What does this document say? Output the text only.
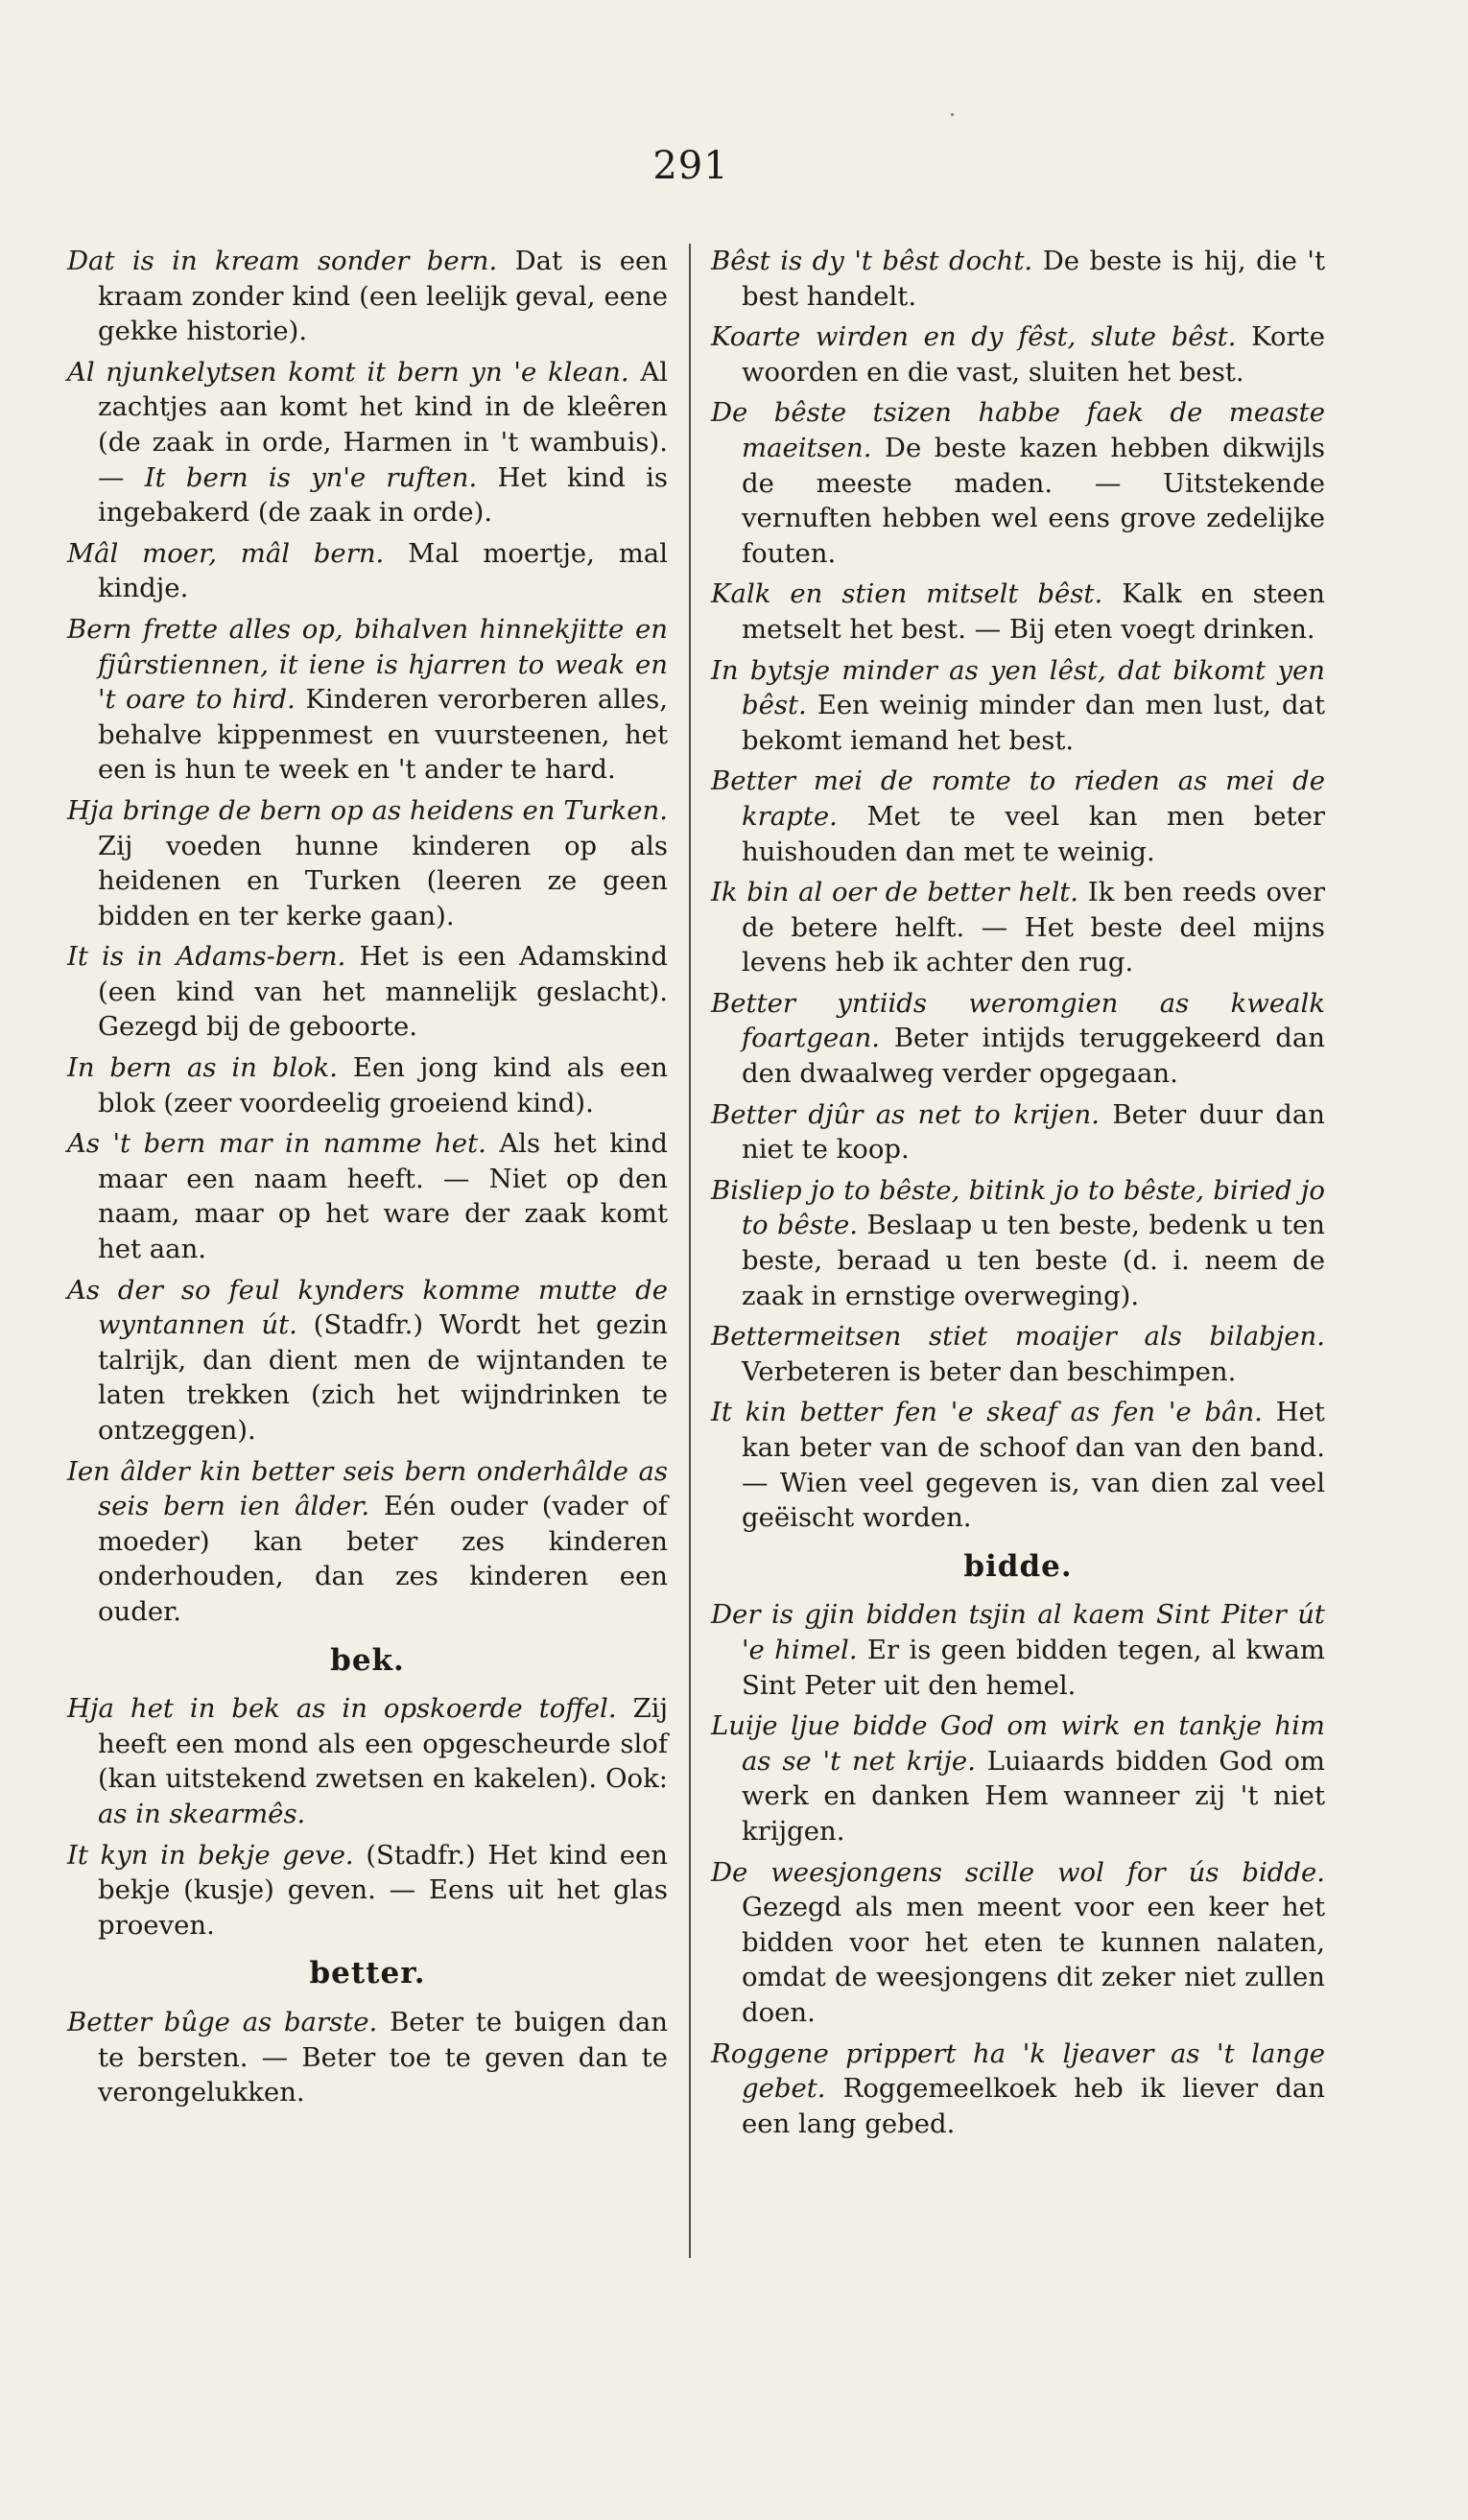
291

Dat is in kream sonder bern. Dat is een kraam zonder kind (een leelijk geval, eene gekke historie).

Al njunkelytsen komt it bern yn 'e klean. Al zachtjes aan komt het kind in de kleêren (de zaak in orde, Harmen in 't wambuis). — It bern is yn'e ruften. Het kind is ingebakerd (de zaak in orde).

Mâl moer, mâl bern. Mal moertje, mal kindje.

Bern frette alles op, bihalven hinnekjitte en fjûrstiennen, it iene is hjarren to weak en 't oare to hird. Kinderen verorberen alles, behalve kippenmest en vuursteenen, het een is hun te week en 't ander te hard.

Hja bringe de bern op as heidens en Turken. Zij voeden hunne kinderen op als heidenen en Turken (leeren ze geen bidden en ter kerke gaan).

It is in Adams-bern. Het is een Adamskind (een kind van het mannelijk geslacht). Gezegd bij de geboorte.

In bern as in blok. Een jong kind als een blok (zeer voordeelig groeiend kind).

As 't bern mar in namme het. Als het kind maar een naam heeft. — Niet op den naam, maar op het ware der zaak komt het aan.

As der so feul kynders komme mutte de wyntannen út. (Stadfr.) Wordt het gezin talrijk, dan dient men de wijntanden te laten trekken (zich het wijndrinken te ontzeggen).

Ien âlder kin better seis bern onderhâlde as seis bern ien âlder. Eén ouder (vader of moeder) kan beter zes kinderen onderhouden, dan zes kinderen een ouder.

bek.

Hja het in bek as in opskoerde toffel. Zij heeft een mond als een opgescheurde slof (kan uitstekend zwetsen en kakelen). Ook: as in skearmês.

It kyn in bekje geve. (Stadfr.) Het kind een bekje (kusje) geven. — Eens uit het glas proeven.

better.

Better bûge as barste. Beter te buigen dan te bersten. — Beter toe te geven dan te verongelukken.

Bêst is dy 't bêst docht. De beste is hij, die 't best handelt.

Koarte wirden en dy fêst, slute bêst. Korte woorden en die vast, sluiten het best.

De bêste tsizen habbe faek de measte maeitsen. De beste kazen hebben dikwijls de meeste maden. — Uitstekende vernuften hebben wel eens grove zedelijke fouten.

Kalk en stien mitselt bêst. Kalk en steen metselt het best. — Bij eten voegt drinken.

In bytsje minder as yen lêst, dat bikomt yen bêst. Een weinig minder dan men lust, dat bekomt iemand het best.

Better mei de romte to rieden as mei de krapte. Met te veel kan men beter huishouden dan met te weinig.

Ik bin al oer de better helt. Ik ben reeds over de betere helft. — Het beste deel mijns levens heb ik achter den rug.

Better yntiids weromgien as kwealk foartgean. Beter intijds teruggekeerd dan den dwaalweg verder opgegaan.

Better djûr as net to krijen. Beter duur dan niet te koop.

Bisliep jo to bêste, bitink jo to bêste, biried jo to bêste. Beslaap u ten beste, bedenk u ten beste, beraad u ten beste (d. i. neem de zaak in ernstige overweging).

Bettermeitsen stiet moaijer als bilabjen. Verbeteren is beter dan beschimpen.

It kin better fen 'e skeaf as fen 'e bân. Het kan beter van de schoof dan van den band. — Wien veel gegeven is, van dien zal veel geëischt worden.

bidde.

Der is gjin bidden tsjin al kaem Sint Piter út 'e himel. Er is geen bidden tegen, al kwam Sint Peter uit den hemel.

Luije ljue bidde God om wirk en tankje him as se 't net krije. Luiaards bidden God om werk en danken Hem wanneer zij 't niet krijgen.

De weesjongens scille wol for ús bidde. Gezegd als men meent voor een keer het bidden voor het eten te kunnen nalaten, omdat de weesjongens dit zeker niet zullen doen.

Roggene prippert ha 'k ljeaver as 't lange gebet. Roggemeelkoek heb ik liever dan een lang gebed.
